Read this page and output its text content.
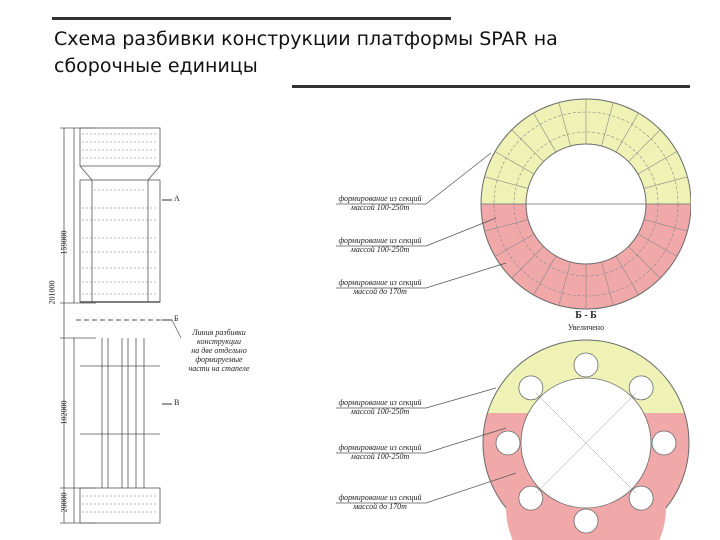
Схема разбивки конструкции платформы SPAR на
сборочные единицы
159000
201000
102000
20000
А
Б
В
Линия разбивки
конструкции
на две отдельно
формируемые
части на стапеле
Б - Б
Увеличено
формирование из секций
массой 100-250т
формирование из секций
массой 100-250т
формирование из секций
массой до 170т
формирование из секций
массой 100-250т
формирование из секций
массой 100-250т
формирование из секций
массой до 170т
